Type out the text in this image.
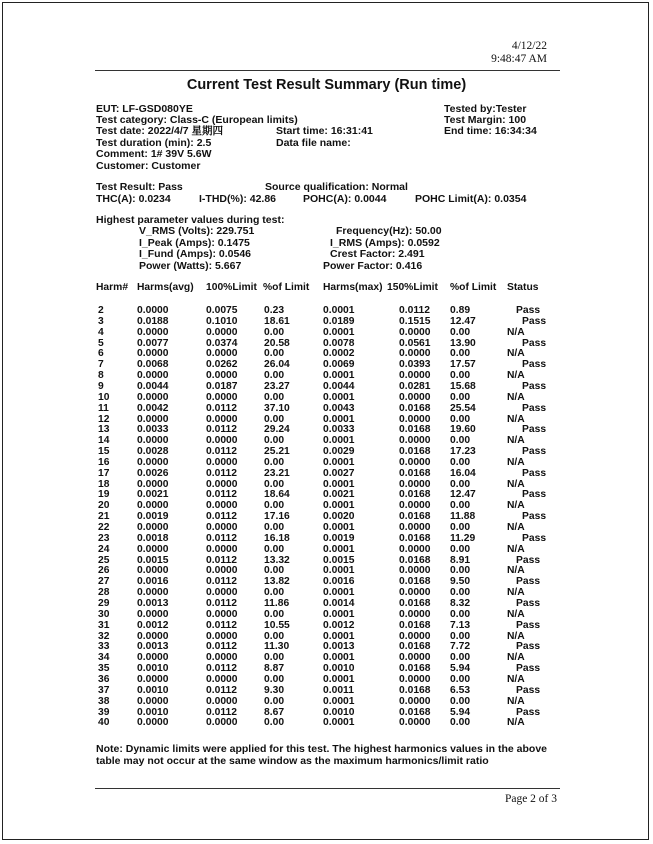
4/12/22
9:48:47 AM
Current Test Result Summary (Run time)
EUT: LF-GSD080YE	Tested by:Tester
Test category: Class-C (European limits)	Test Margin: 100
Test date: 2022/4/7 星期四	Start time: 16:31:41	End time: 16:34:34
Test duration (min): 2.5	Data file name:
Comment: 1# 39V 5.6W
Customer: Customer
Test Result: Pass	Source qualification: Normal
THC(A): 0.0234	I-THD(%): 42.86	POHC(A): 0.0044	POHC Limit(A): 0.0354
Highest parameter values during test:
V_RMS (Volts): 229.751	Frequency(Hz): 50.00
I_Peak (Amps): 0.1475	I_RMS (Amps): 0.0592
I_Fund (Amps): 0.0546	Crest Factor: 2.491
Power (Watts): 5.667	Power Factor: 0.416
Harm# Harms(avg) 100%Limit %of Limit Harms(max) 150%Limit %of Limit Status
2	0.0000	0.0075	0.23	0.0001	0.0112 0.89	Pass
3	0.0188	0.1010	18.61	0.0189	0.1515 12.47	Pass
4	0.0000	0.0000	0.00	0.0001	0.0000 0.00	N/A
5	0.0077	0.0374	20.58	0.0078	0.0561 13.90	Pass
6	0.0000	0.0000	0.00	0.0002	0.0000 0.00	N/A
7	0.0068	0.0262	26.04	0.0069	0.0393 17.57	Pass
8	0.0000	0.0000	0.00	0.0001	0.0000 0.00	N/A
9	0.0044	0.0187	23.27	0.0044	0.0281 15.68	Pass
10	0.0000	0.0000	0.00	0.0001	0.0000 0.00	N/A
11	0.0042	0.0112	37.10	0.0043	0.0168 25.54	Pass
12	0.0000	0.0000	0.00	0.0001	0.0000 0.00	N/A
13	0.0033	0.0112	29.24	0.0033	0.0168 19.60	Pass
14	0.0000	0.0000	0.00	0.0001	0.0000 0.00	N/A
15	0.0028	0.0112	25.21	0.0029	0.0168 17.23	Pass
16	0.0000	0.0000	0.00	0.0001	0.0000 0.00	N/A
17	0.0026	0.0112	23.21	0.0027	0.0168 16.04	Pass
18	0.0000	0.0000	0.00	0.0001	0.0000 0.00	N/A
19	0.0021	0.0112	18.64	0.0021	0.0168 12.47	Pass
20	0.0000	0.0000	0.00	0.0001	0.0000 0.00	N/A
21	0.0019	0.0112	17.16	0.0020	0.0168 11.88	Pass
22	0.0000	0.0000	0.00	0.0001	0.0000 0.00	N/A
23	0.0018	0.0112	16.18	0.0019	0.0168 11.29	Pass
24	0.0000	0.0000	0.00	0.0001	0.0000 0.00	N/A
25	0.0015	0.0112	13.32	0.0015	0.0168 8.91	Pass
26	0.0000	0.0000	0.00	0.0001	0.0000 0.00	N/A
27	0.0016	0.0112	13.82	0.0016	0.0168 9.50	Pass
28	0.0000	0.0000	0.00	0.0001	0.0000 0.00	N/A
29	0.0013	0.0112	11.86	0.0014	0.0168 8.32	Pass
30	0.0000	0.0000	0.00	0.0001	0.0000 0.00	N/A
31	0.0012	0.0112	10.55	0.0012	0.0168 7.13	Pass
32	0.0000	0.0000	0.00	0.0001	0.0000 0.00	N/A
33	0.0013	0.0112	11.30	0.0013	0.0168 7.72	Pass
34	0.0000	0.0000	0.00	0.0001	0.0000 0.00	N/A
35	0.0010	0.0112	8.87	0.0010	0.0168 5.94	Pass
36	0.0000	0.0000	0.00	0.0001	0.0000 0.00	N/A
37	0.0010	0.0112	9.30	0.0011	0.0168 6.53	Pass
38	0.0000	0.0000	0.00	0.0001	0.0000 0.00	N/A
39	0.0010	0.0112	8.67	0.0010	0.0168 5.94	Pass
40	0.0000	0.0000	0.00	0.0001	0.0000 0.00	N/A
Note: Dynamic limits were applied for this test. The highest harmonics values in the above
table may not occur at the same window as the maximum harmonics/limit ratio
Page 2 of 3
